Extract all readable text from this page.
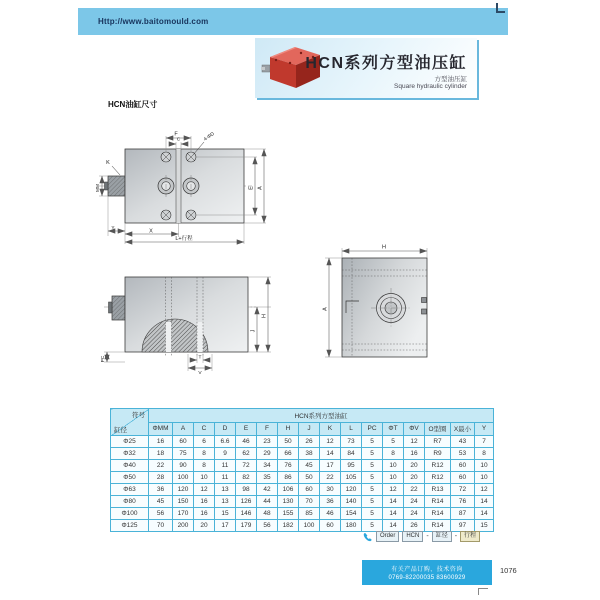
Http://www.baitomould.com
HCN系列方型油压缸
方型油压缸
Square hydraulic cylinder
HCN油缸尺寸
F
C	4-ΦD
K
MM	E A
Y	X
L+行程
PC	T
V
J
H
H
A
符号
缸径	HCN系列方型油缸															
	ΦMM	A	C	D	E	F	H	J	K	L	PC	ΦT	ΦV	O型圈	X最小	Y
Φ25	16	60	6	6.6	46	23	50	26	12	73	5	5	12	R7	43	7
Φ32	18	75	8	9	62	29	66	38	14	84	5	8	16	R9	53	8
Φ40	22	90	8	11	72	34	76	45	17	95	5	10	20	R12	60	10
Φ50	28	100	10	11	82	35	86	50	22	105	5	10	20	R12	60	10
Φ63	36	120	12	13	98	42	106	60	30	120	5	12	22	R13	72	12
Φ80	45	150	16	13	126	44	130	70	36	140	5	14	24	R14	76	14
Φ100	56	170	16	15	146	48	155	85	46	154	5	14	24	R14	87	14
Φ125	70	200	20	17	179	56	182	100	60	180	5	14	26	R14	97	15
Order	HCN	-	缸径	-	行程
有关产品订购、技术咨询
0769-82200035 83600929
1076
